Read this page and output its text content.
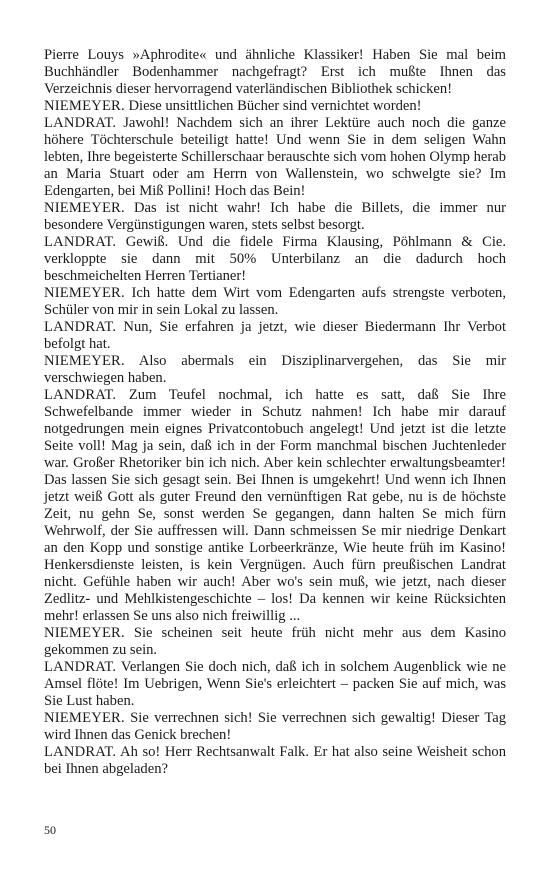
Pierre Louys »Aphrodite« und ähnliche Klassiker! Haben Sie mal beim Buchhändler Bodenhammer nachgefragt? Erst ich mußte Ihnen das Verzeichnis dieser hervorragend vaterländischen Bibliothek schicken!

NIEMEYER. Diese unsittlichen Bücher sind vernichtet worden!

LANDRAT. Jawohl! Nachdem sich an ihrer Lektüre auch noch die ganze höhere Töchterschule beteiligt hatte! Und wenn Sie in dem seligen Wahn lebten, Ihre begeisterte Schillerschaar berauschte sich vom hohen Olymp herab an Maria Stuart oder am Herrn von Wallenstein, wo schwelgte sie? Im Edengarten, bei Miß Pollini! Hoch das Bein!

NIEMEYER. Das ist nicht wahr! Ich habe die Billets, die immer nur besondere Vergünstigungen waren, stets selbst besorgt.

LANDRAT. Gewiß. Und die fidele Firma Klausing, Pöhlmann & Cie. verkloppte sie dann mit 50% Unterbilanz an die dadurch hoch beschmeichelten Herren Tertianer!

NIEMEYER. Ich hatte dem Wirt vom Edengarten aufs strengste verboten, Schüler von mir in sein Lokal zu lassen.

LANDRAT. Nun, Sie erfahren ja jetzt, wie dieser Biedermann Ihr Verbot befolgt hat.

NIEMEYER. Also abermals ein Disziplinarvergehen, das Sie mir verschwiegen haben.

LANDRAT. Zum Teufel nochmal, ich hatte es satt, daß Sie Ihre Schwefelbande immer wieder in Schutz nahmen! Ich habe mir darauf notgedrungen mein eignes Privatcontobuch angelegt! Und jetzt ist die letzte Seite voll! Mag ja sein, daß ich in der Form manchmal bischen Juchtenleder war. Großer Rhetoriker bin ich nich. Aber kein schlechter erwaltungsbeamter! Das lassen Sie sich gesagt sein. Bei Ihnen is umgekehrt! Und wenn ich Ihnen jetzt weiß Gott als guter Freund den vernünftigen Rat gebe, nu is de höchste Zeit, nu gehn Se, sonst werden Se gegangen, dann halten Se mich fürn Wehrwolf, der Sie auffressen will. Dann schmeissen Se mir niedrige Denkart an den Kopp und sonstige antike Lorbeerkränze, Wie heute früh im Kasino! Henkersdienste leisten, is kein Vergnügen. Auch fürn preußischen Landrat nicht. Gefühle haben wir auch! Aber wo's sein muß, wie jetzt, nach dieser Zedlitz- und Mehlkistengeschichte – los! Da kennen wir keine Rücksichten mehr! erlassen Se uns also nich freiwillig ...

NIEMEYER. Sie scheinen seit heute früh nicht mehr aus dem Kasino gekommen zu sein.

LANDRAT. Verlangen Sie doch nich, daß ich in solchem Augenblick wie ne Amsel flöte! Im Uebrigen, Wenn Sie's erleichtert – packen Sie auf mich, was Sie Lust haben.

NIEMEYER. Sie verrechnen sich! Sie verrechnen sich gewaltig! Dieser Tag wird Ihnen das Genick brechen!

LANDRAT. Ah so! Herr Rechtsanwalt Falk. Er hat also seine Weisheit schon bei Ihnen abgeladen?

50
